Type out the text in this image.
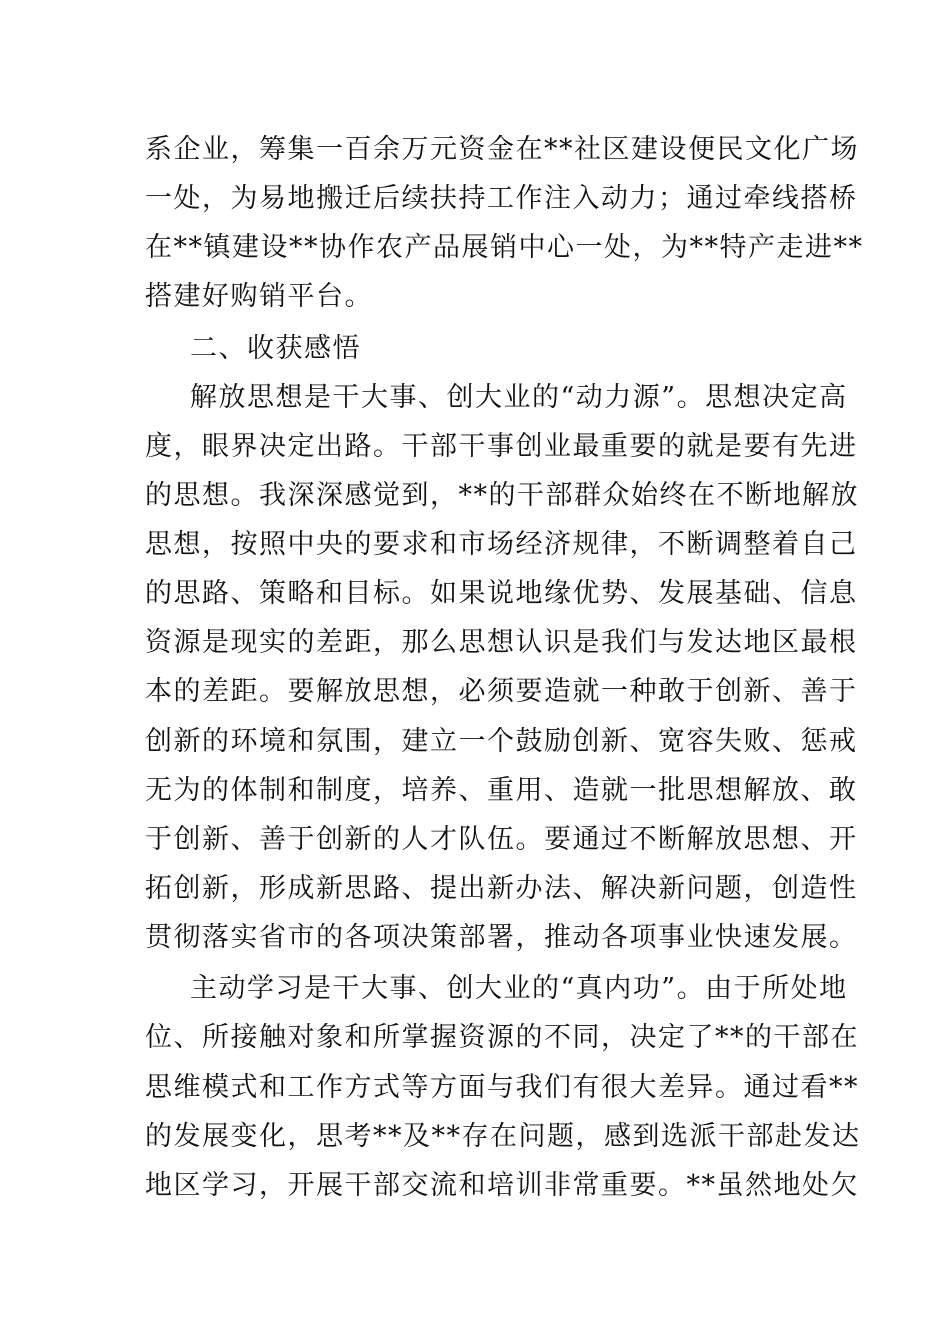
系企业，筹集一百余万元资金在**社区建设便民文化广场
一处，为易地搬迁后续扶持工作注入动力；通过牵线搭桥
在**镇建设**协作农产品展销中心一处，为**特产走进**
搭建好购销平台。
二、收获感悟
解放思想是干大事、创大业的“动力源”。思想决定高
度，眼界决定出路。干部干事创业最重要的就是要有先进
的思想。我深深感觉到，**的干部群众始终在不断地解放
思想，按照中央的要求和市场经济规律，不断调整着自己
的思路、策略和目标。如果说地缘优势、发展基础、信息
资源是现实的差距，那么思想认识是我们与发达地区最根
本的差距。要解放思想，必须要造就一种敢于创新、善于
创新的环境和氛围，建立一个鼓励创新、宽容失败、惩戒
无为的体制和制度，培养、重用、造就一批思想解放、敢
于创新、善于创新的人才队伍。要通过不断解放思想、开
拓创新，形成新思路、提出新办法、解决新问题，创造性
贯彻落实省市的各项决策部署，推动各项事业快速发展。
主动学习是干大事、创大业的“真内功”。由于所处地
位、所接触对象和所掌握资源的不同，决定了**的干部在
思维模式和工作方式等方面与我们有很大差异。通过看**
的发展变化，思考**及**存在问题，感到选派干部赴发达
地区学习，开展干部交流和培训非常重要。**虽然地处欠
